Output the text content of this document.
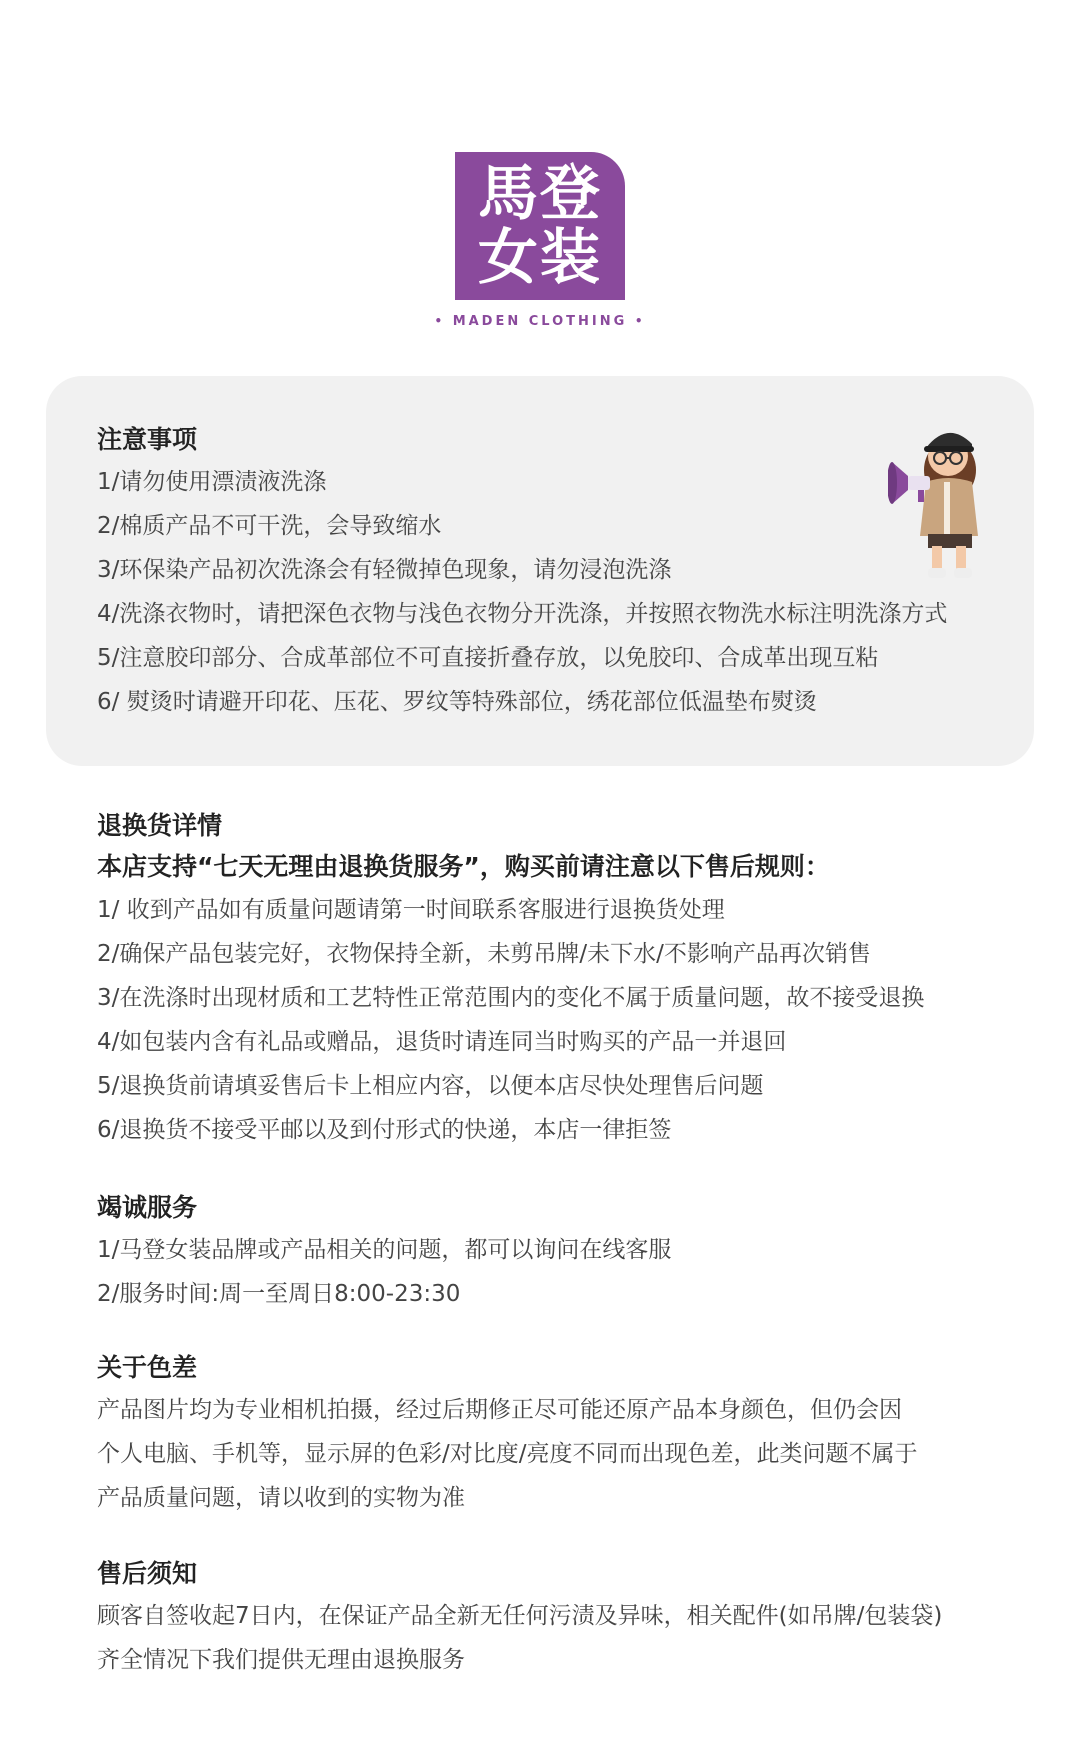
馬登
女装
• MADEN CLOTHING •

注意事项

1/请勿使用漂渍液洗涤

2/棉质产品不可干洗，会导致缩水

3/环保染产品初次洗涤会有轻微掉色现象，请勿浸泡洗涤

4/洗涤衣物时，请把深色衣物与浅色衣物分开洗涤，并按照衣物洗水标注明洗涤方式

5/注意胶印部分、合成革部位不可直接折叠存放，以免胶印、合成革出现互粘

6/ 熨烫时请避开印花、压花、罗纹等特殊部位，绣花部位低温垫布熨烫

退换货详情

本店支持“七天无理由退换货服务”，购买前请注意以下售后规则：

1/ 收到产品如有质量问题请第一时间联系客服进行退换货处理

2/确保产品包装完好，衣物保持全新，未剪吊牌/未下水/不影响产品再次销售

3/在洗涤时出现材质和工艺特性正常范围内的变化不属于质量问题，故不接受退换

4/如包装内含有礼品或赠品，退货时请连同当时购买的产品一并退回

5/退换货前请填妥售后卡上相应内容，以便本店尽快处理售后问题

6/退换货不接受平邮以及到付形式的快递，本店一律拒签

竭诚服务

1/马登女装品牌或产品相关的问题，都可以询问在线客服

2/服务时间:周一至周日8:00-23:30

关于色差

产品图片均为专业相机拍摄，经过后期修正尽可能还原产品本身颜色，但仍会因

个人电脑、手机等，显示屏的色彩/对比度/亮度不同而出现色差，此类问题不属于

产品质量问题，请以收到的实物为准

售后须知

顾客自签收起7日内，在保证产品全新无任何污渍及异味，相关配件(如吊牌/包装袋)

齐全情况下我们提供无理由退换服务
